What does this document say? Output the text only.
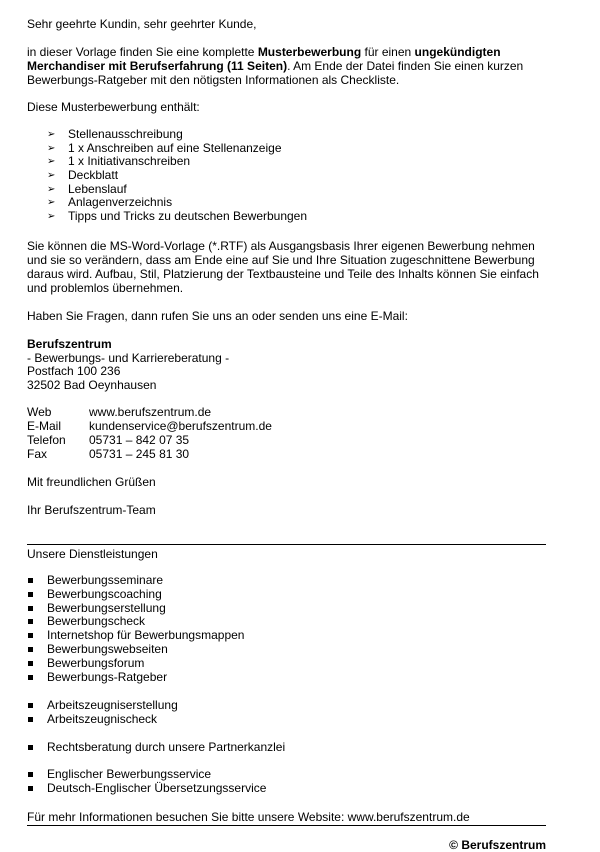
Sehr geehrte Kundin, sehr geehrter Kunde,

in dieser Vorlage finden Sie eine komplette Musterbewerbung für einen ungekündigten

Merchandiser mit Berufserfahrung (11 Seiten). Am Ende der Datei finden Sie einen kurzen

Bewerbungs-Ratgeber mit den nötigsten Informationen als Checkliste.

Diese Musterbewerbung enthält:

➢ Stellenausschreibung
➢ 1 x Anschreiben auf eine Stellenanzeige
➢ 1 x Initiativanschreiben
➢ Deckblatt
➢ Lebenslauf
➢ Anlagenverzeichnis
➢ Tipps und Tricks zu deutschen Bewerbungen

Sie können die MS-Word-Vorlage (*.RTF) als Ausgangsbasis Ihrer eigenen Bewerbung nehmen

und sie so verändern, dass am Ende eine auf Sie und Ihre Situation zugeschnittene Bewerbung

daraus wird. Aufbau, Stil, Platzierung der Textbausteine und Teile des Inhalts können Sie einfach

und problemlos übernehmen.

Haben Sie Fragen, dann rufen Sie uns an oder senden uns eine E-Mail:

Berufszentrum

- Bewerbungs- und Karriereberatung -

Postfach 100 236

32502 Bad Oeynhausen

Web	www.berufszentrum.de
E-Mail	kundenservice@berufszentrum.de
Telefon	05731 – 842 07 35
Fax	05731 – 245 81 30

Mit freundlichen Grüßen

Ihr Berufszentrum-Team

Unsere Dienstleistungen

Bewerbungsseminare
Bewerbungscoaching
Bewerbungserstellung
Bewerbungscheck
Internetshop für Bewerbungsmappen
Bewerbungswebseiten
Bewerbungsforum
Bewerbungs-Ratgeber
Arbeitszeugniserstellung
Arbeitszeugnischeck
Rechtsberatung durch unsere Partnerkanzlei
Englischer Bewerbungsservice
Deutsch-Englischer Übersetzungsservice

Für mehr Informationen besuchen Sie bitte unsere Website: www.berufszentrum.de

© Berufszentrum
